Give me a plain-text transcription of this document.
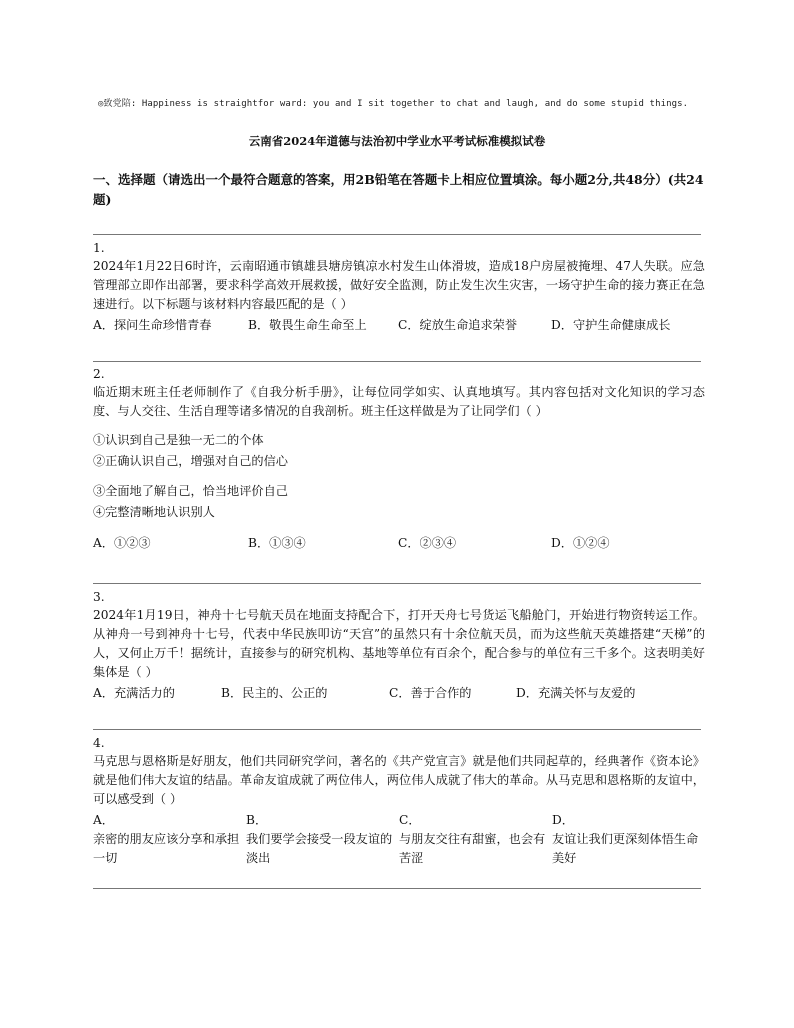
◎致党陪: Happiness is straightfor ward: you and I sit together to chat and laugh, and do some stupid things.
云南省2024年道德与法治初中学业水平考试标准模拟试卷
一、选择题（请选出一个最符合题意的答案，用2B铅笔在答题卡上相应位置填涂。每小题2分,共48分）(共24题)

1.

2024年1月22日6时许，云南昭通市镇雄县塘房镇凉水村发生山体滑坡，造成18户房屋被掩埋、47人失联。应急管理部立即作出部署，要求科学高效开展救援，做好安全监测，防止发生次生灾害，一场守护生命的接力赛正在急速进行。以下标题与该材料内容最匹配的是（ ）

A．探问生命珍惜青春	B．敬畏生命生命至上	C．绽放生命追求荣誉	D．守护生命健康成长

2.

临近期末班主任老师制作了《自我分析手册》，让每位同学如实、认真地填写。其内容包括对文化知识的学习态度、与人交往、生活自理等诸多情况的自我剖析。班主任这样做是为了让同学们（ ）

①认识到自己是独一无二的个体

②正确认识自己，增强对自己的信心

③全面地了解自己，恰当地评价自己

④完整清晰地认识别人

A．①②③	B．①③④	C．②③④	D．①②④

3.

2024年1月19日，神舟十七号航天员在地面支持配合下，打开天舟七号货运飞船舱门，开始进行物资转运工作。从神舟一号到神舟十七号，代表中华民族叩访“天宫”的虽然只有十余位航天员，而为这些航天英雄搭建“天梯”的人，又何止万千！据统计，直接参与的研究机构、基地等单位有百余个，配合参与的单位有三千多个。这表明美好集体是（ ）

A．充满活力的	B．民主的、公正的	C．善于合作的	D．充满关怀与友爱的

4.

马克思与恩格斯是好朋友，他们共同研究学问，著名的《共产党宣言》就是他们共同起草的，经典著作《资本论》就是他们伟大友谊的结晶。革命友谊成就了两位伟人，两位伟人成就了伟大的革命。从马克思和恩格斯的友谊中，可以感受到（ ）

A．
亲密的朋友应该分享和承担一切
B．
我们要学会接受一段友谊的淡出
C．
与朋友交往有甜蜜，也会有苦涩
D．
友谊让我们更深刻体悟生命美好
